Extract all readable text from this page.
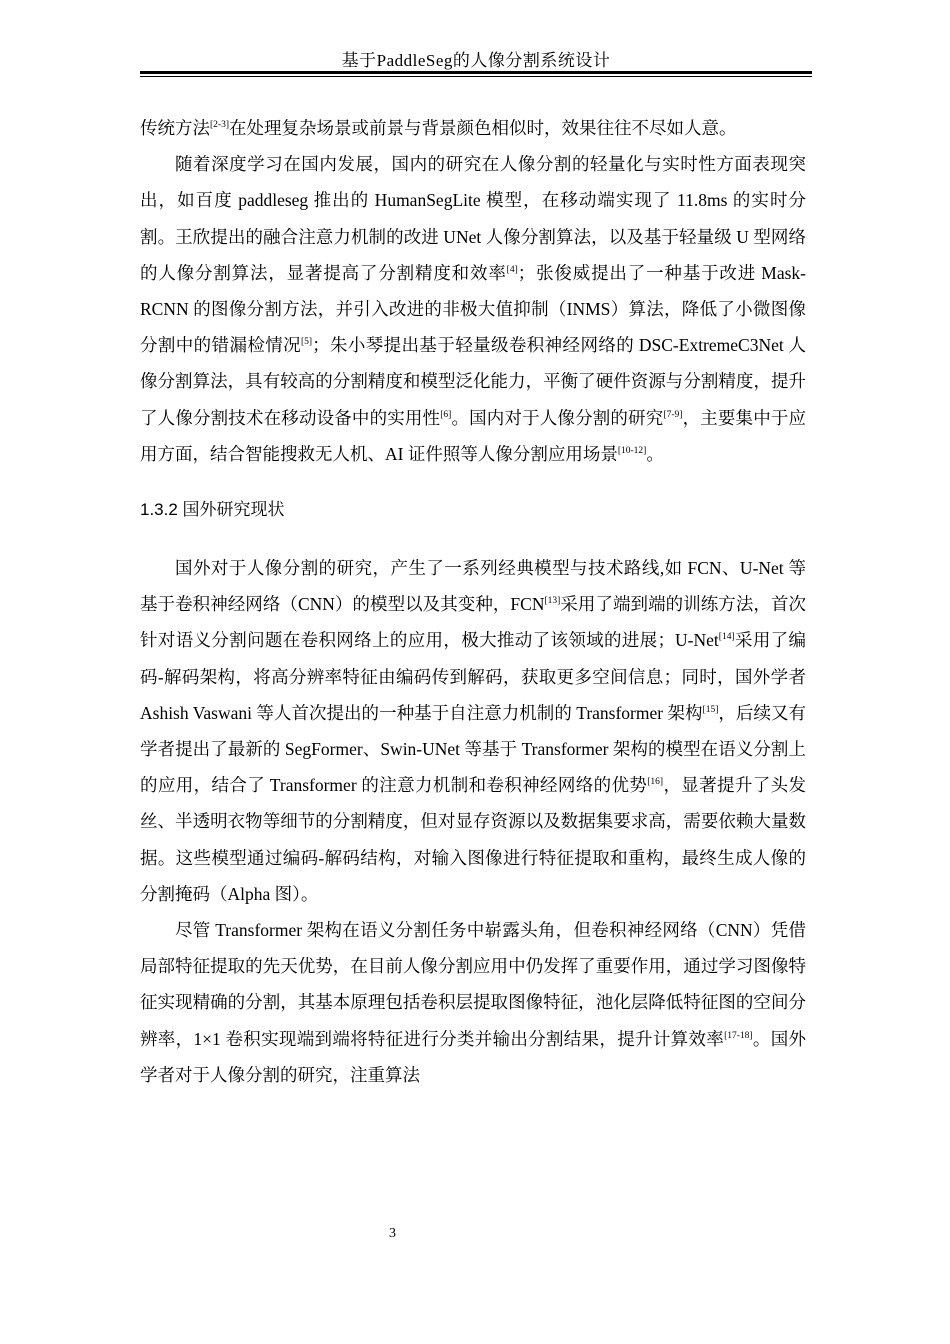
基于PaddleSeg的人像分割系统设计

传统方法[2-3]在处理复杂场景或前景与背景颜色相似时，效果往往不尽如人意。

随着深度学习在国内发展，国内的研究在人像分割的轻量化与实时性方面表现突出，如百度 paddleseg 推出的 HumanSegLite 模型，在移动端实现了 11.8ms 的实时分割。王欣提出的融合注意力机制的改进 UNet 人像分割算法，以及基于轻量级 U 型网络的人像分割算法，显著提高了分割精度和效率[4]；张俊威提出了一种基于改进 Mask-RCNN 的图像分割方法，并引入改进的非极大值抑制（INMS）算法，降低了小微图像分割中的错漏检情况[5]；朱小琴提出基于轻量级卷积神经网络的 DSC-ExtremeC3Net 人像分割算法，具有较高的分割精度和模型泛化能力，平衡了硬件资源与分割精度，提升了人像分割技术在移动设备中的实用性[6]。国内对于人像分割的研究[7-9]，主要集中于应用方面，结合智能搜救无人机、AI 证件照等人像分割应用场景[10-12]。

1.3.2 国外研究现状

国外对于人像分割的研究，产生了一系列经典模型与技术路线,如 FCN、U-Net 等基于卷积神经网络（CNN）的模型以及其变种，FCN[13]采用了端到端的训练方法，首次针对语义分割问题在卷积网络上的应用，极大推动了该领域的进展；U-Net[14]采用了编码-解码架构，将高分辨率特征由编码传到解码，获取更多空间信息；同时，国外学者 Ashish Vaswani 等人首次提出的一种基于自注意力机制的 Transformer 架构[15]，后续又有学者提出了最新的 SegFormer、Swin-UNet 等基于 Transformer 架构的模型在语义分割上的应用，结合了 Transformer 的注意力机制和卷积神经网络的优势[16]，显著提升了头发丝、半透明衣物等细节的分割精度，但对显存资源以及数据集要求高，需要依赖大量数据。这些模型通过编码-解码结构，对输入图像进行特征提取和重构，最终生成人像的分割掩码（Alpha 图）。

尽管 Transformer 架构在语义分割任务中崭露头角，但卷积神经网络（CNN）凭借局部特征提取的先天优势，在目前人像分割应用中仍发挥了重要作用，通过学习图像特征实现精确的分割，其基本原理包括卷积层提取图像特征，池化层降低特征图的空间分辨率，1×1 卷积实现端到端将特征进行分类并输出分割结果，提升计算效率[17-18]。国外学者对于人像分割的研究，注重算法

3
